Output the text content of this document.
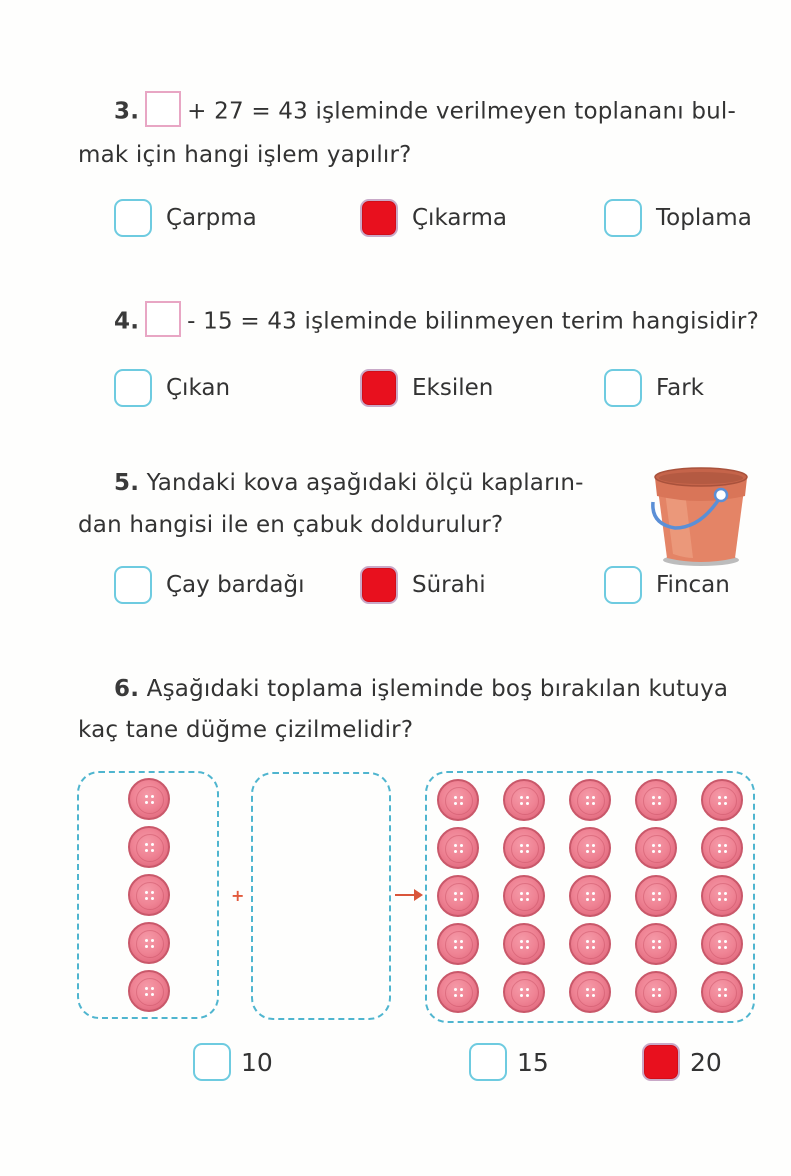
3. + 27 = 43 işleminde verilmeyen toplananı bul-
mak için hangi işlem yapılır?
Çarpma	Çıkarma	Toplama
4. - 15 = 43 işleminde bilinmeyen terim hangisidir?
Çıkan	Eksilen	Fark
5. Yandaki kova aşağıdaki ölçü kapların-
dan hangisi ile en çabuk doldurulur?
Çay bardağı	Sürahi	Fincan
6. Aşağıdaki toplama işleminde boş bırakılan kutuya
kaç tane düğme çizilmelidir?
+
10	15	20
